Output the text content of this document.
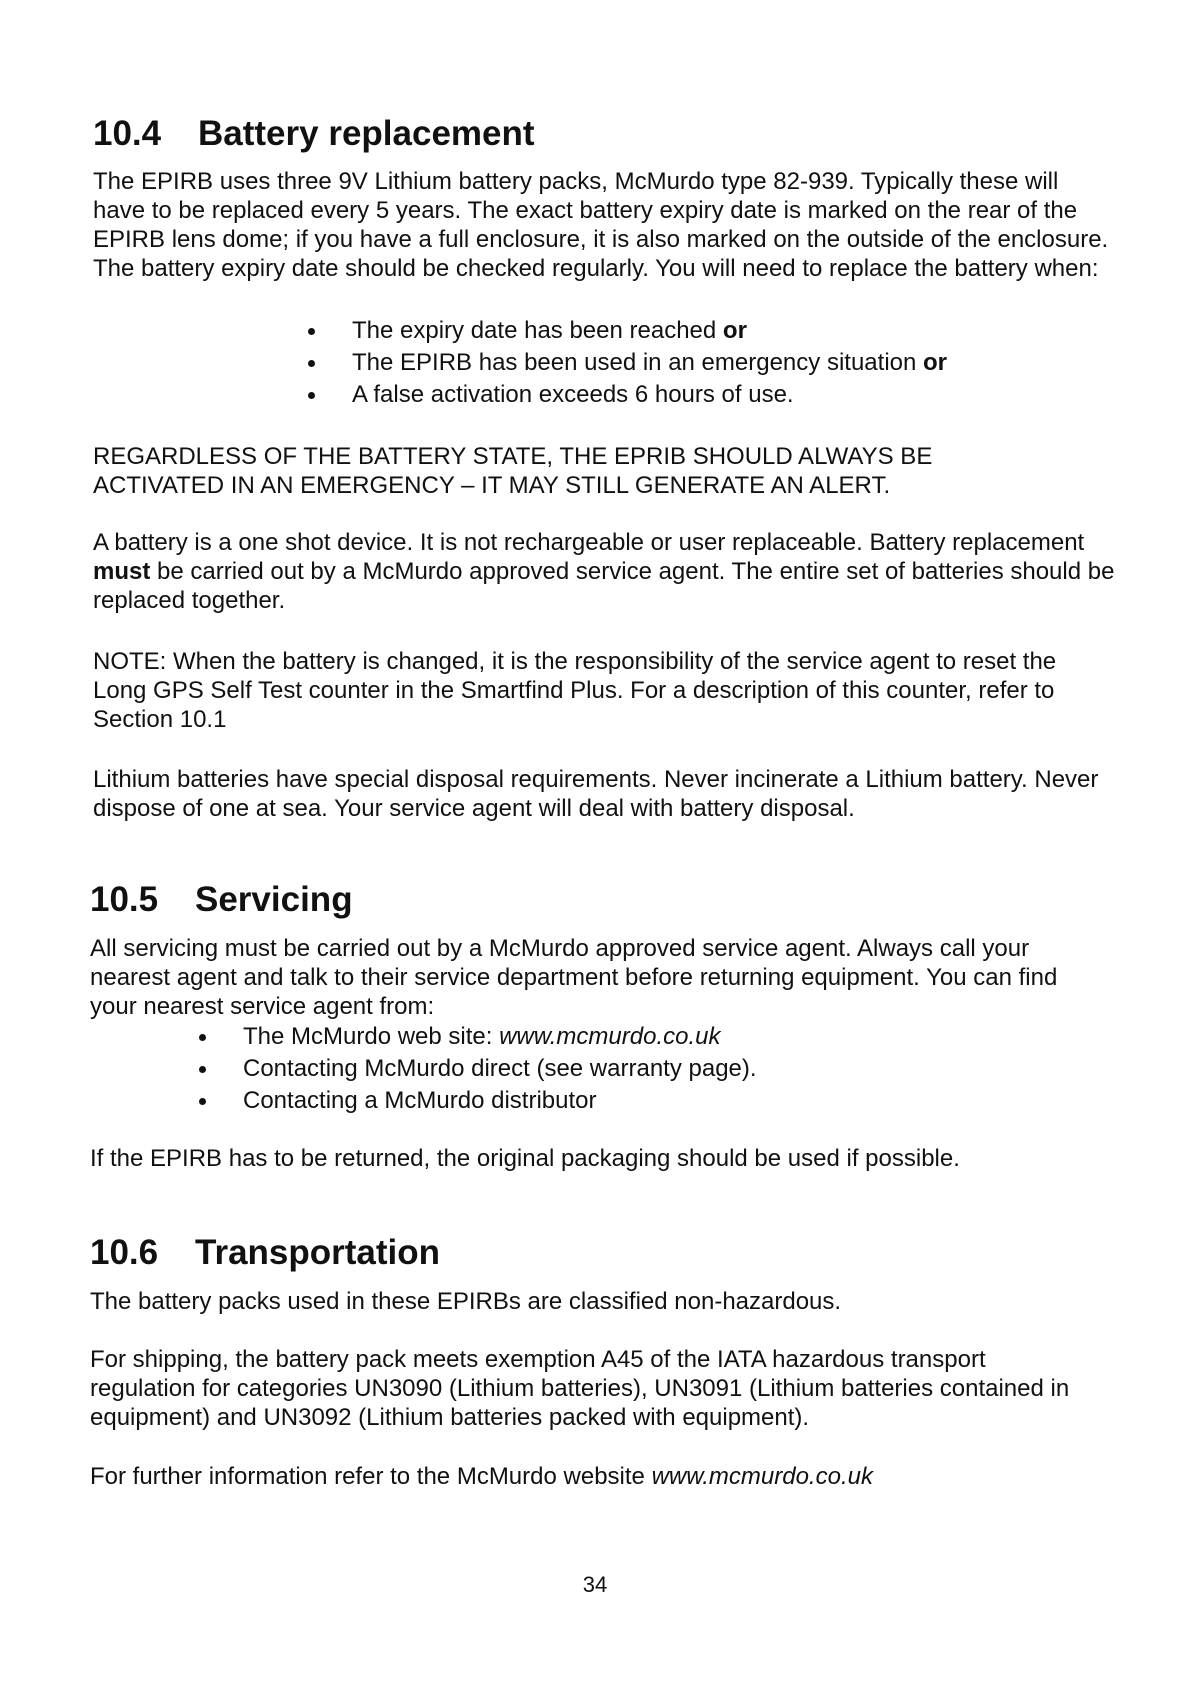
10.4 Battery replacement

The EPIRB uses three 9V Lithium battery packs, McMurdo type 82-939. Typically these will have to be replaced every 5 years. The exact battery expiry date is marked on the rear of the EPIRB lens dome; if you have a full enclosure, it is also marked on the outside of the enclosure. The battery expiry date should be checked regularly. You will need to replace the battery when:

The expiry date has been reached or
The EPIRB has been used in an emergency situation or
A false activation exceeds 6 hours of use.

REGARDLESS OF THE BATTERY STATE, THE EPRIB SHOULD ALWAYS BE ACTIVATED IN AN EMERGENCY – IT MAY STILL GENERATE AN ALERT.

A battery is a one shot device. It is not rechargeable or user replaceable. Battery replacement must be carried out by a McMurdo approved service agent. The entire set of batteries should be replaced together.

NOTE: When the battery is changed, it is the responsibility of the service agent to reset the Long GPS Self Test counter in the Smartfind Plus. For a description of this counter, refer to Section 10.1

Lithium batteries have special disposal requirements. Never incinerate a Lithium battery. Never dispose of one at sea. Your service agent will deal with battery disposal.

10.5 Servicing

All servicing must be carried out by a McMurdo approved service agent. Always call your nearest agent and talk to their service department before returning equipment. You can find your nearest service agent from:

The McMurdo web site: www.mcmurdo.co.uk
Contacting McMurdo direct (see warranty page).
Contacting a McMurdo distributor

If the EPIRB has to be returned, the original packaging should be used if possible.

10.6 Transportation

The battery packs used in these EPIRBs are classified non-hazardous.

For shipping, the battery pack meets exemption A45 of the IATA hazardous transport regulation for categories UN3090 (Lithium batteries), UN3091 (Lithium batteries contained in equipment) and UN3092 (Lithium batteries packed with equipment).

For further information refer to the McMurdo website www.mcmurdo.co.uk

34
